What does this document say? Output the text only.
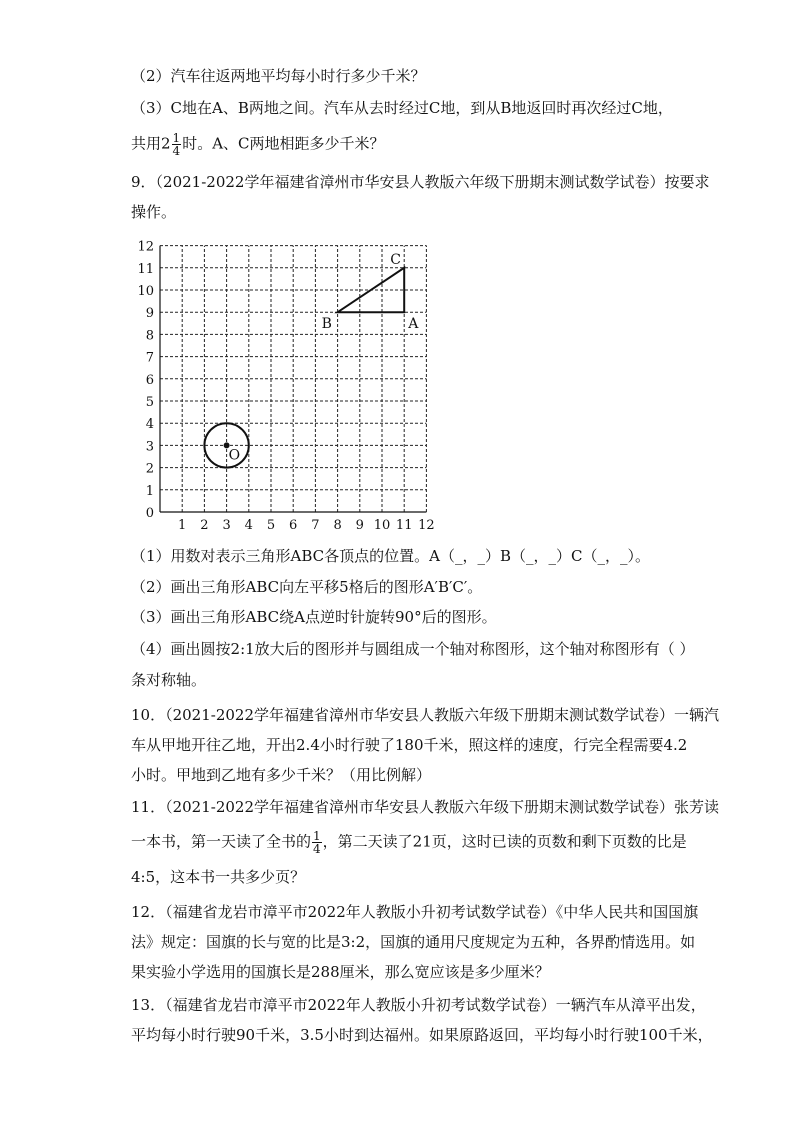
（2）汽车往返两地平均每小时行多少千米？
（3）C地在A、B两地之间。汽车从去时经过C地，到从B地返回时再次经过C地，
共用$2 \frac{1}{4}$ 时。A、C两地相距多少千米？
9．（2021-2022学年福建省漳州市华安县人教版六年级下册期末测试数学试卷）按要求
操作。
1 2 3 4 5 6 7 8 9 10 11 12
0
1
2
3
4
5
6
7
8
9
10
11
12
A
B
C
O
（1）用数对表示三角形ABC各顶点的位置。A（_，_）B（_，_）C（_，_）。
（2）画出三角形ABC向左平移5格后的图形A′B′C′。
（3）画出三角形ABC绕A点逆时针旋转90°后的图形。
（4）画出圆按2:1放大后的图形并与圆组成一个轴对称图形，这个轴对称图形有（ ）
条对称轴。
10．（2021-2022学年福建省漳州市华安县人教版六年级下册期末测试数学试卷）一辆汽
车从甲地开往乙地，开出2.4小时行驶了180千米，照这样的速度，行完全程需要4.2
小时。甲地到乙地有多少千米？（用比例解）
11．（2021-2022学年福建省漳州市华安县人教版六年级下册期末测试数学试卷）张芳读
一本书，第一天读了全书的 $\frac{1}{4}$ ，第二天读了21页，这时已读的页数和剩下页数的比是
4:5，这本书一共多少页？
12．（福建省龙岩市漳平市2022年人教版小升初考试数学试卷）《中华人民共和国国旗
法》规定：国旗的长与宽的比是3:2，国旗的通用尺度规定为五种，各界酌情选用。如
果实验小学选用的国旗长是288厘米，那么宽应该是多少厘米？
13．（福建省龙岩市漳平市2022年人教版小升初考试数学试卷）一辆汽车从漳平出发，
平均每小时行驶90千米，3.5小时到达福州。如果原路返回，平均每小时行驶100千米，
